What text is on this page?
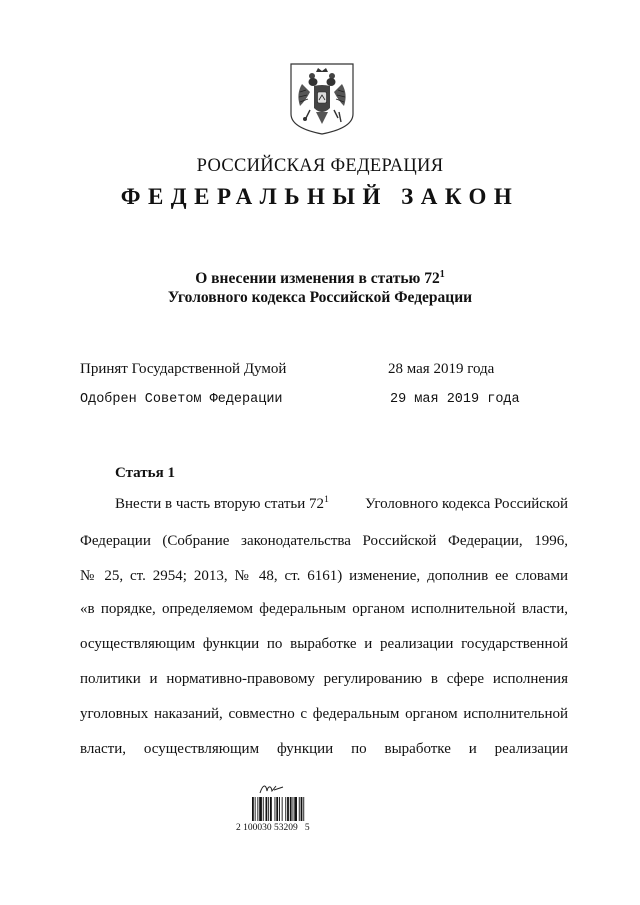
РОССИЙСКАЯ ФЕДЕРАЦИЯ
ФЕДЕРАЛЬНЫЙ ЗАКОН
О внесении изменения в статью $72^1$
Уголовного кодекса Российской Федерации
Принят Государственной Думой	28 мая 2019 года
Одобрен Советом Федерации	29 мая 2019 года
Статья 1
Внести в часть вторую статьи $72^1$ Уголовного кодекса Российской
Федерации (Собрание законодательства Российской Федерации, 1996,
№ 25, ст. 2954; 2013, № 48, ст. 6161) изменение, дополнив ее словами
«в порядке, определяемом федеральным органом исполнительной власти,
осуществляющим функции по выработке и реализации государственной
политики и нормативно-правовому регулированию в сфере исполнения
уголовных наказаний, совместно с федеральным органом исполнительной
власти, осуществляющим функции по выработке и реализации
2 100030 53209   5
